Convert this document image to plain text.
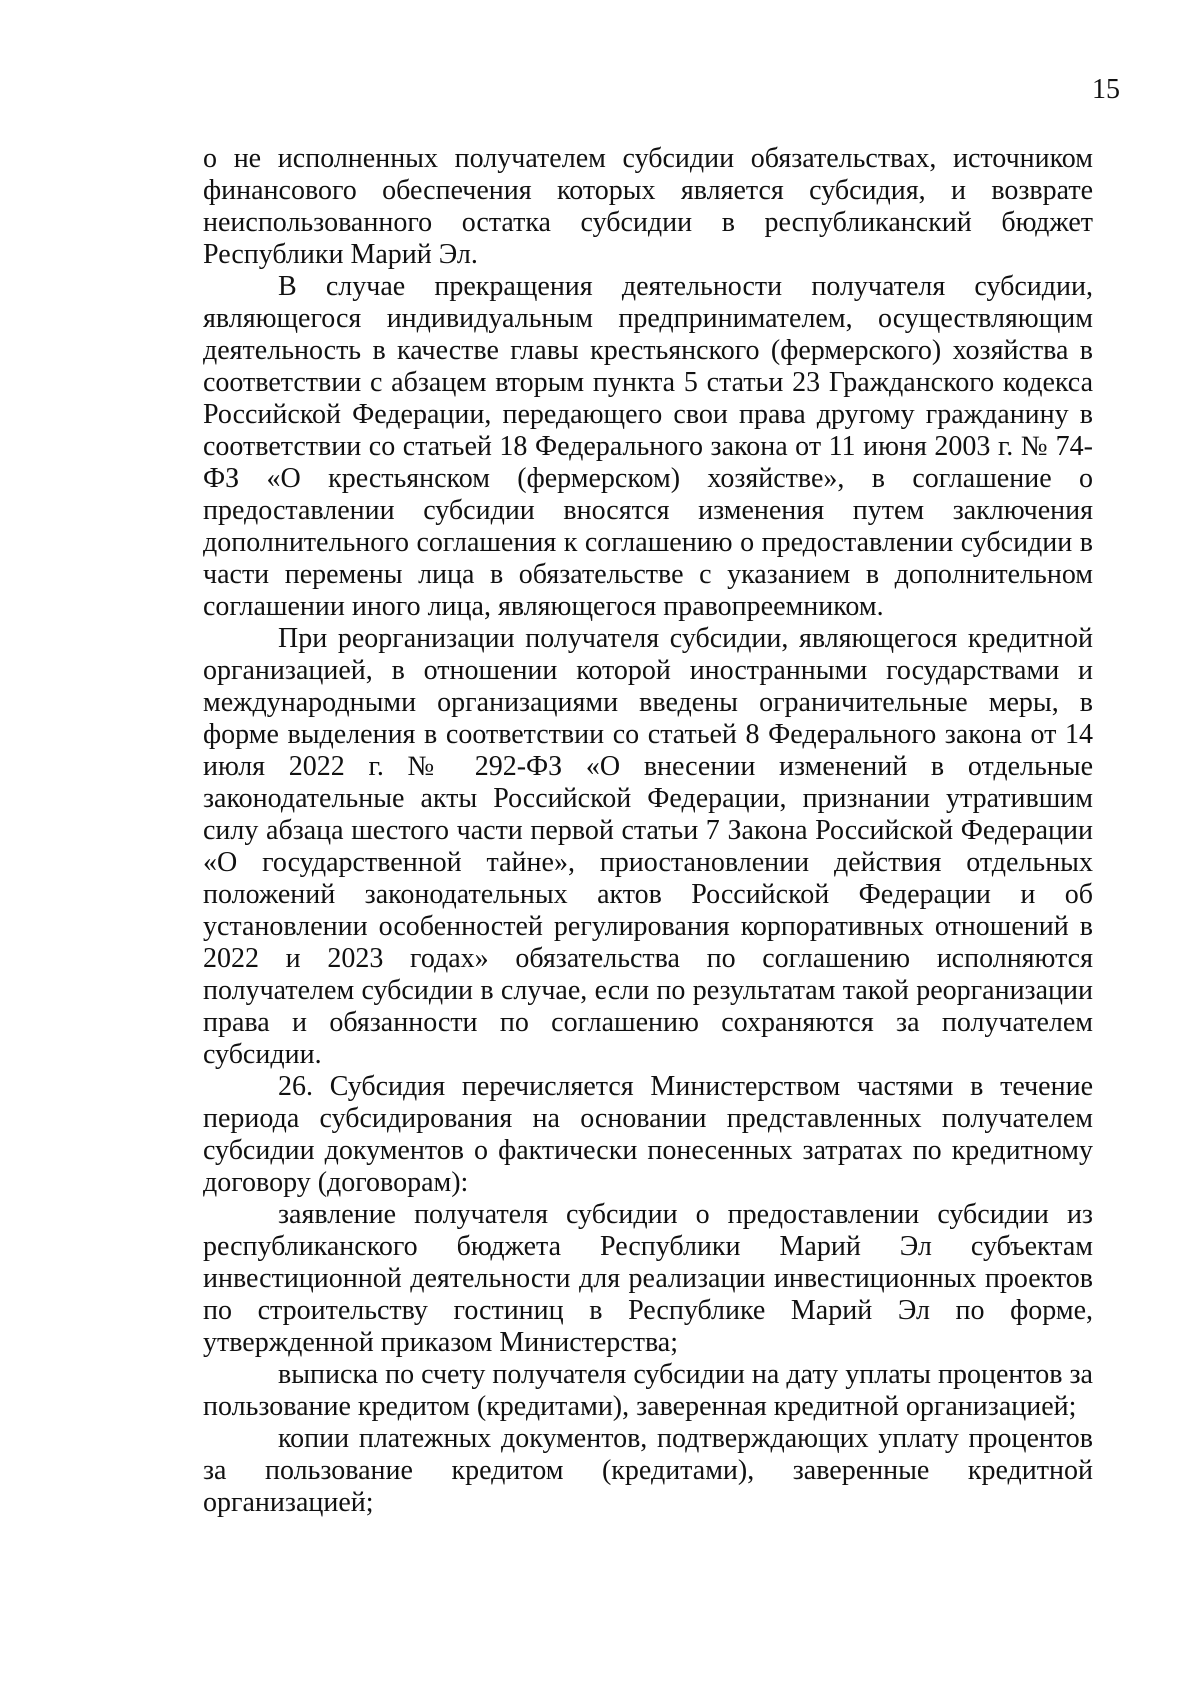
15

о не исполненных получателем субсидии обязательствах, источником финансового обеспечения которых является субсидия, и возврате неиспользованного остатка субсидии в республиканский бюджет Республики Марий Эл.

В случае прекращения деятельности получателя субсидии, являющегося индивидуальным предпринимателем, осуществляющим деятельность в качестве главы крестьянского (фермерского) хозяйства в соответствии с абзацем вторым пункта 5 статьи 23 Гражданского кодекса Российской Федерации, передающего свои права другому гражданину в соответствии со статьей 18 Федерального закона от 11 июня 2003 г. № 74-ФЗ «О крестьянском (фермерском) хозяйстве», в соглашение о предоставлении субсидии вносятся изменения путем заключения дополнительного соглашения к соглашению о предоставлении субсидии в части перемены лица в обязательстве с указанием в дополнительном соглашении иного лица, являющегося правопреемником.

При реорганизации получателя субсидии, являющегося кредитной организацией, в отношении которой иностранными государствами и международными организациями введены ограничительные меры, в форме выделения в соответствии со статьей 8 Федерального закона от 14 июля 2022 г. № 292-ФЗ «О внесении изменений в отдельные законодательные акты Российской Федерации, признании утратившим силу абзаца шестого части первой статьи 7 Закона Российской Федерации «О государственной тайне», приостановлении действия отдельных положений законодательных актов Российской Федерации и об установлении особенностей регулирования корпоративных отношений в 2022 и 2023 годах» обязательства по соглашению исполняются получателем субсидии в случае, если по результатам такой реорганизации права и обязанности по соглашению сохраняются за получателем субсидии.

26. Субсидия перечисляется Министерством частями в течение периода субсидирования на основании представленных получателем субсидии документов о фактически понесенных затратах по кредитному договору (договорам):

заявление получателя субсидии о предоставлении субсидии из республиканского бюджета Республики Марий Эл субъектам инвестиционной деятельности для реализации инвестиционных проектов по строительству гостиниц в Республике Марий Эл по форме, утвержденной приказом Министерства;

выписка по счету получателя субсидии на дату уплаты процентов за пользование кредитом (кредитами), заверенная кредитной организацией;

копии платежных документов, подтверждающих уплату процентов за пользование кредитом (кредитами), заверенные кредитной организацией;
